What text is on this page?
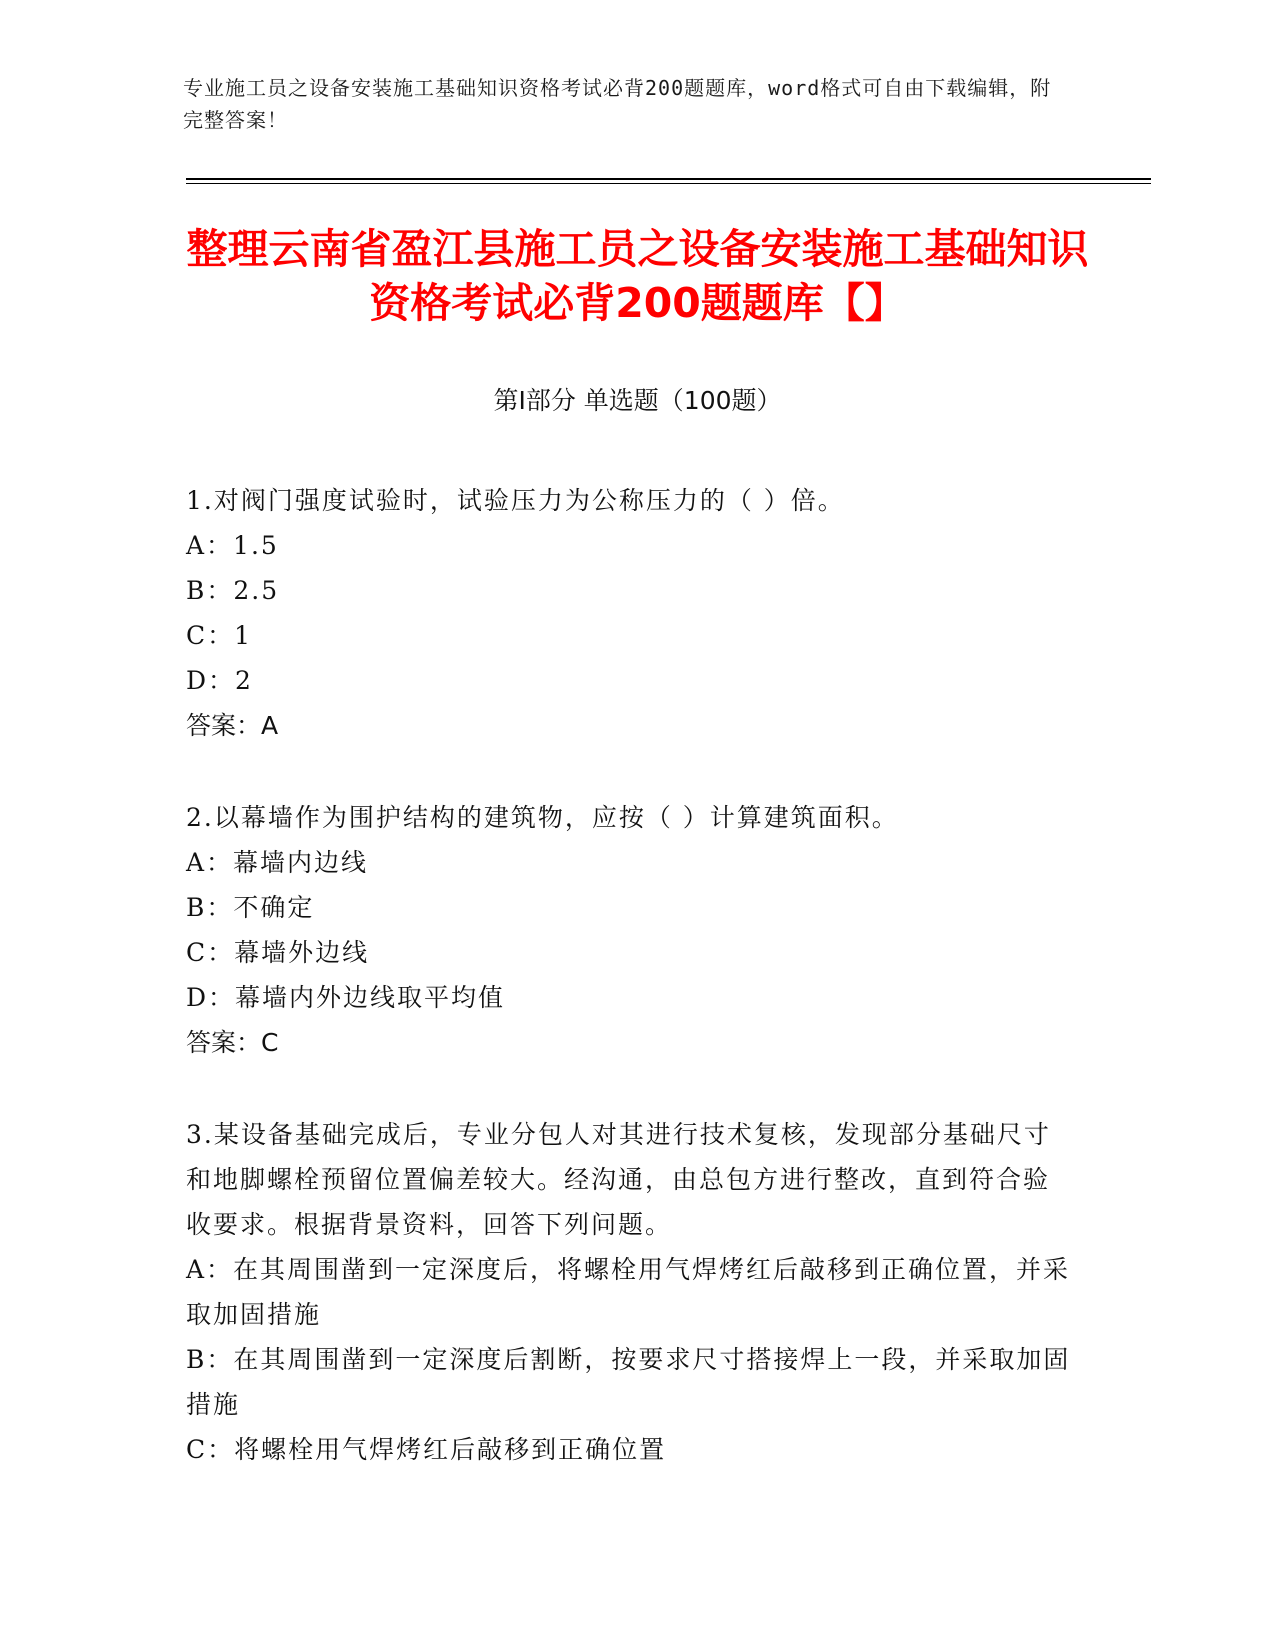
专业施工员之设备安装施工基础知识资格考试必背200题题库，word格式可自由下载编辑，附完整答案！
整理云南省盈江县施工员之设备安装施工基础知识资格考试必背200题题库【】
第Ⅰ部分 单选题（100题）
1.对阀门强度试验时，试验压力为公称压力的（ ）倍。
A：1.5
B：2.5
C：1
D：2
答案：A
2.以幕墙作为围护结构的建筑物，应按（ ）计算建筑面积。
A：幕墙内边线
B：不确定
C：幕墙外边线
D：幕墙内外边线取平均值
答案：C
3.某设备基础完成后，专业分包人对其进行技术复核，发现部分基础尺寸和地脚螺栓预留位置偏差较大。经沟通，由总包方进行整改，直到符合验收要求。根据背景资料，回答下列问题。
A：在其周围凿到一定深度后，将螺栓用气焊烤红后敲移到正确位置，并采取加固措施
B：在其周围凿到一定深度后割断，按要求尺寸搭接焊上一段，并采取加固措施
C：将螺栓用气焊烤红后敲移到正确位置
